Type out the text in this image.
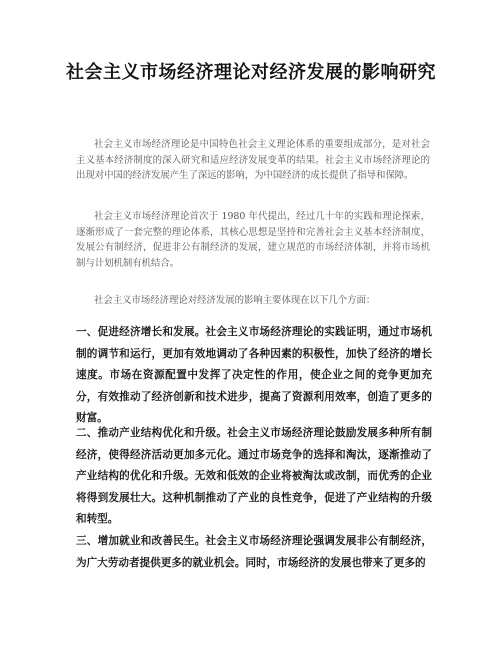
社会主义市场经济理论对经济发展的影响研究

社会主义市场经济理论是中国特色社会主义理论体系的重要组成部分，是对社会主义基本经济制度的深入研究和适应经济发展变革的结果。社会主义市场经济理论的出现对中国的经济发展产生了深远的影响，为中国经济的成长提供了指导和保障。

社会主义市场经济理论首次于 1980 年代提出，经过几十年的实践和理论探索，逐渐形成了一套完整的理论体系，其核心思想是坚持和完善社会主义基本经济制度，发展公有制经济，促进非公有制经济的发展，建立规范的市场经济体制，并将市场机制与计划机制有机结合。

社会主义市场经济理论对经济发展的影响主要体现在以下几个方面：

一、促进经济增长和发展。社会主义市场经济理论的实践证明，通过市场机制的调节和运行，更加有效地调动了各种因素的积极性，加快了经济的增长速度。市场在资源配置中发挥了决定性的作用，使企业之间的竞争更加充分，有效推动了经济创新和技术进步，提高了资源利用效率，创造了更多的财富。

二、推动产业结构优化和升级。社会主义市场经济理论鼓励发展多种所有制经济，使得经济活动更加多元化。通过市场竞争的选择和淘汰，逐渐推动了产业结构的优化和升级。无效和低效的企业将被淘汰或改制，而优秀的企业将得到发展壮大。这种机制推动了产业的良性竞争，促进了产业结构的升级和转型。

三、增加就业和改善民生。社会主义市场经济理论强调发展非公有制经济，为广大劳动者提供更多的就业机会。同时，市场经济的发展也带来了更多的
